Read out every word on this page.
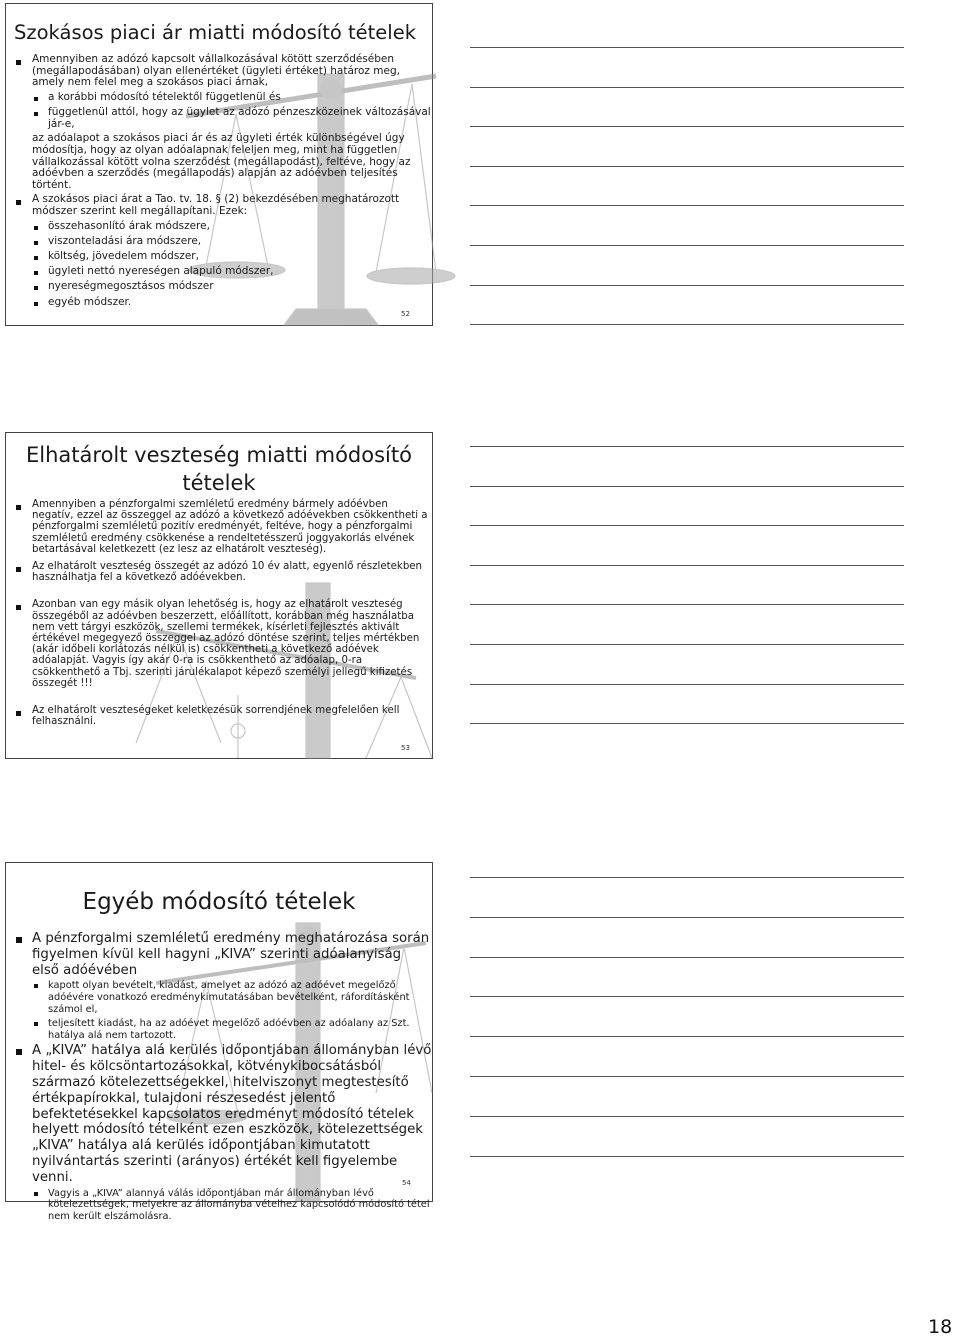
Szokásos piaci ár miatti módosító tételek
Amennyiben az adózó kapcsolt vállalkozásával kötött szerződésében (megállapodásában) olyan ellenértéket (ügyleti értéket) határoz meg, amely nem felel meg a szokásos piaci árnak,
a korábbi módosító tételektől függetlenül és
függetlenül attól, hogy az ügylet az adózó pénzeszközeinek változásával jár-e,
az adóalapot a szokásos piaci ár és az ügyleti érték különbségével úgy módosítja, hogy az olyan adóalapnak feleljen meg, mint ha független vállalkozással kötött volna szerződést (megállapodást), feltéve, hogy az adóévben a szerződés (megállapodás) alapján az adóévben teljesítés történt.
A szokásos piaci árat a Tao. tv. 18. § (2) bekezdésében meghatározott módszer szerint kell megállapítani. Ezek:
összehasonlító árak módszere,
viszonteladási ára módszere,
költség, jövedelem módszer,
ügyleti nettó nyereségen alapuló módszer,
nyereségmegosztásos módszer
egyéb módszer.
52
Elhatárolt veszteség miatti módosító tételek
Amennyiben a pénzforgalmi szemléletű eredmény bármely adóévben negatív, ezzel az összeggel az adózó a következő adóévekben csökkentheti a pénzforgalmi szemléletű pozitív eredményét, feltéve, hogy a pénzforgalmi szemléletű eredmény csökkenése a rendeltetésszerű joggyakorlás elvének betartásával keletkezett (ez lesz az elhatárolt veszteség).
Az elhatárolt veszteség összegét az adózó 10 év alatt, egyenlő részletekben használhatja fel a következő adóévekben.
Azonban van egy másik olyan lehetőség is, hogy az elhatárolt veszteség összegéből az adóévben beszerzett, előállított, korábban még használatba nem vett tárgyi eszközök, szellemi termékek, kísérleti fejlesztés aktivált értékével megegyező összeggel az adózó döntése szerint, teljes mértékben (akár időbeli korlátozás nélkül is) csökkentheti a következő adóévek adóalapját. Vagyis így akár 0-ra is csökkenthető az adóalap, 0-ra csökkenthető a Tbj. szerinti járulékalapot képező személyi jellegű kifizetés összegét !!!
Az elhatárolt veszteségeket keletkezésük sorrendjének megfelelően kell felhasználni.
53
Egyéb módosító tételek
A pénzforgalmi szemléletű eredmény meghatározása során figyelmen kívül kell hagyni „KIVA” szerinti adóalanyiság első adóévében
kapott olyan bevételt, kiadást, amelyet az adózó az adóévet megelőző adóévére vonatkozó eredménykimutatásában bevételként, ráfordításként számol el,
teljesített kiadást, ha az adóévet megelőző adóévben az adóalany az Szt. hatálya alá nem tartozott.
A „KIVA” hatálya alá kerülés időpontjában állományban lévő hitel- és kölcsöntartozásokkal, kötvénykibocsátásból származó kötelezettségekkel, hitelviszonyt megtestesítő értékpapírokkal, tulajdoni részesedést jelentő befektetésekkel kapcsolatos eredményt módosító tételek helyett módosító tételként ezen eszközök, kötelezettségek „KIVA” hatálya alá kerülés időpontjában kimutatott nyilvántartás szerinti (arányos) értékét kell figyelembe venni.
Vagyis a „KIVA” alannyá válás időpontjában már állományban lévő kötelezettségek, melyekre az állományba vételhez kapcsolódó módosító tétel nem került elszámolásra.
54
18
